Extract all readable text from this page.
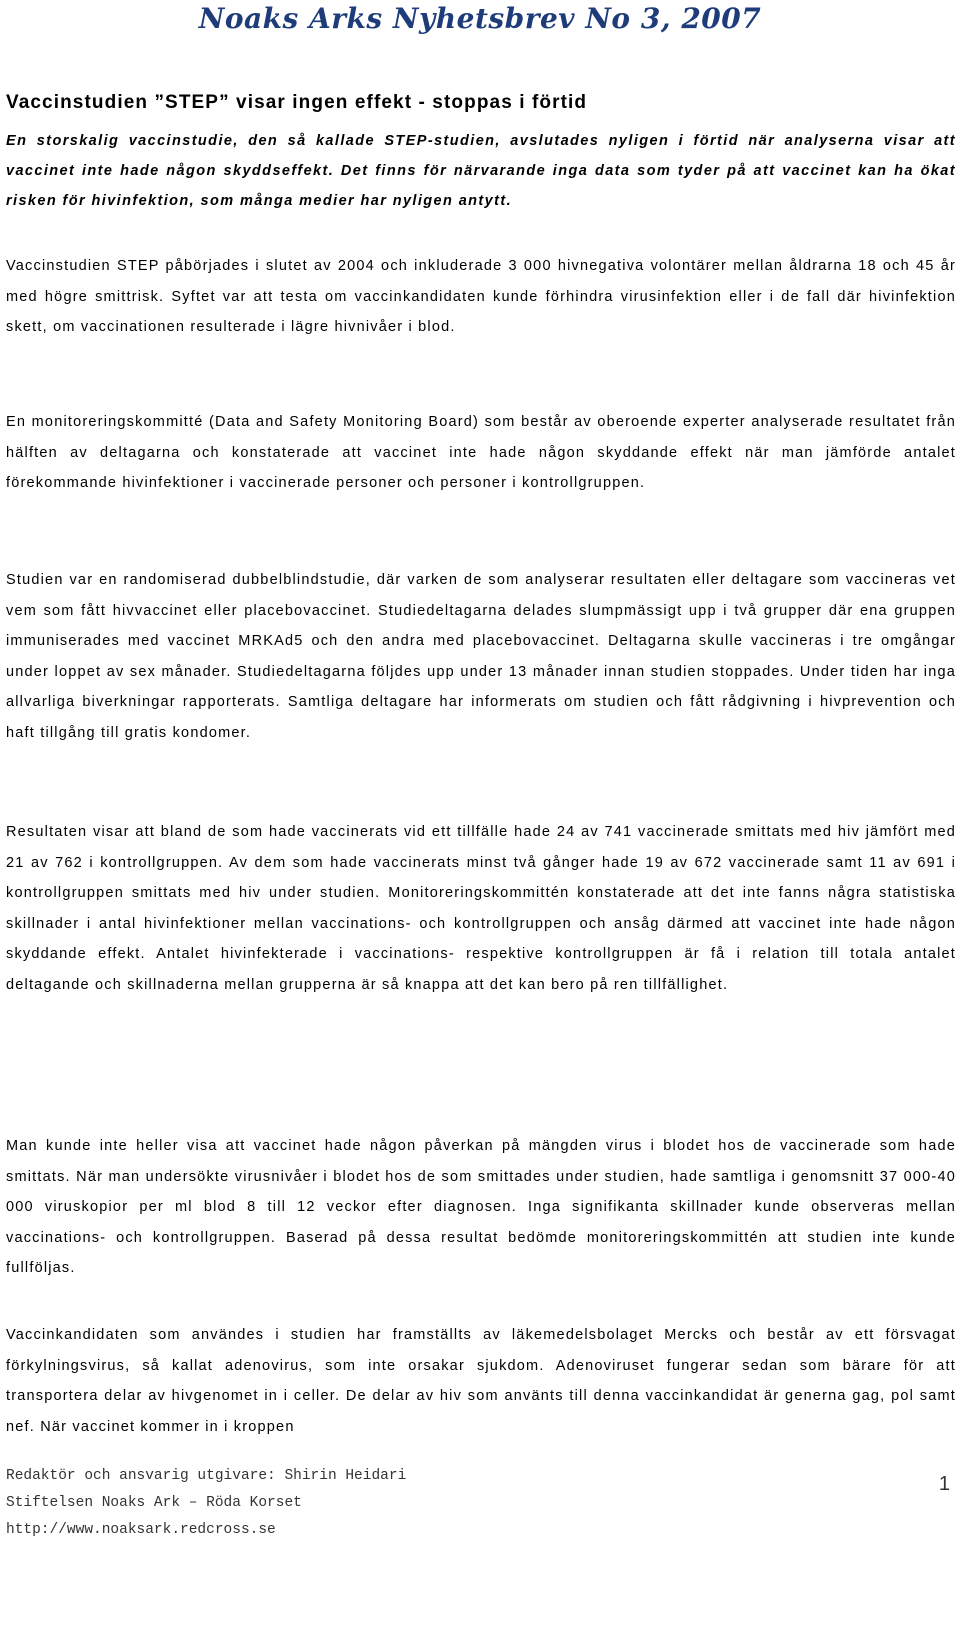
Noaks Arks Nyhetsbrev No 3, 2007
Vaccinstudien ”STEP” visar ingen effekt - stoppas i förtid

En storskalig vaccinstudie, den så kallade STEP-studien, avslutades nyligen i förtid när analyserna visar att vaccinet inte hade någon skyddseffekt. Det finns för närvarande inga data som tyder på att vaccinet kan ha ökat risken för hivinfektion, som många medier har nyligen antytt.

Vaccinstudien STEP påbörjades i slutet av 2004 och inkluderade 3 000 hivnegativa volontärer mellan åldrarna 18 och 45 år med högre smittrisk. Syftet var att testa om vaccinkandidaten kunde förhindra virusinfektion eller i de fall där hivinfektion skett, om vaccinationen resulterade i lägre hivnivåer i blod.

En monitoreringskommitté (Data and Safety Monitoring Board) som består av oberoende experter analyserade resultatet från hälften av deltagarna och konstaterade att vaccinet inte hade någon skyddande effekt när man jämförde antalet förekommande hivinfektioner i vaccinerade personer och personer i kontrollgruppen.

Studien var en randomiserad dubbelblindstudie, där varken de som analyserar resultaten eller deltagare som vaccineras vet vem som fått hivvaccinet eller placebovaccinet. Studiedeltagarna delades slumpmässigt upp i två grupper där ena gruppen immuniserades med vaccinet MRKAd5 och den andra med placebovaccinet. Deltagarna skulle vaccineras i tre omgångar under loppet av sex månader. Studiedeltagarna följdes upp under 13 månader innan studien stoppades. Under tiden har inga allvarliga biverkningar rapporterats. Samtliga deltagare har informerats om studien och fått rådgivning i hivprevention och haft tillgång till gratis kondomer.

Resultaten visar att bland de som hade vaccinerats vid ett tillfälle hade 24 av 741 vaccinerade smittats med hiv jämfört med 21 av 762 i kontrollgruppen. Av dem som hade vaccinerats minst två gånger hade 19 av 672 vaccinerade samt 11 av 691 i kontrollgruppen smittats med hiv under studien. Monitoreringskommittén konstaterade att det inte fanns några statistiska skillnader i antal hivinfektioner mellan vaccinations- och kontrollgruppen och ansåg därmed att vaccinet inte hade någon skyddande effekt. Antalet hivinfekterade i vaccinations- respektive kontrollgruppen är få i relation till totala antalet deltagande och skillnaderna mellan grupperna är så knappa att det kan bero på ren tillfällighet.

Man kunde inte heller visa att vaccinet hade någon påverkan på mängden virus i blodet hos de vaccinerade som hade smittats. När man undersökte virusnivåer i blodet hos de som smittades under studien, hade samtliga i genomsnitt 37 000-40 000 viruskopior per ml blod 8 till 12 veckor efter diagnosen. Inga signifikanta skillnader kunde observeras mellan vaccinations- och kontrollgruppen. Baserad på dessa resultat bedömde monitoreringskommittén att studien inte kunde fullföljas.

Vaccinkandidaten som användes i studien har framställts av läkemedelsbolaget Mercks och består av ett försvagat förkylningsvirus, så kallat adenovirus, som inte orsakar sjukdom. Adenoviruset fungerar sedan som bärare för att transportera delar av hivgenomet in i celler. De delar av hiv som använts till denna vaccinkandidat är generna gag, pol samt nef. När vaccinet kommer in i kroppen

Redaktör och ansvarig utgivare: Shirin Heidari

Stiftelsen Noaks Ark – Röda Korset

http://www.noaksark.redcross.se

1
